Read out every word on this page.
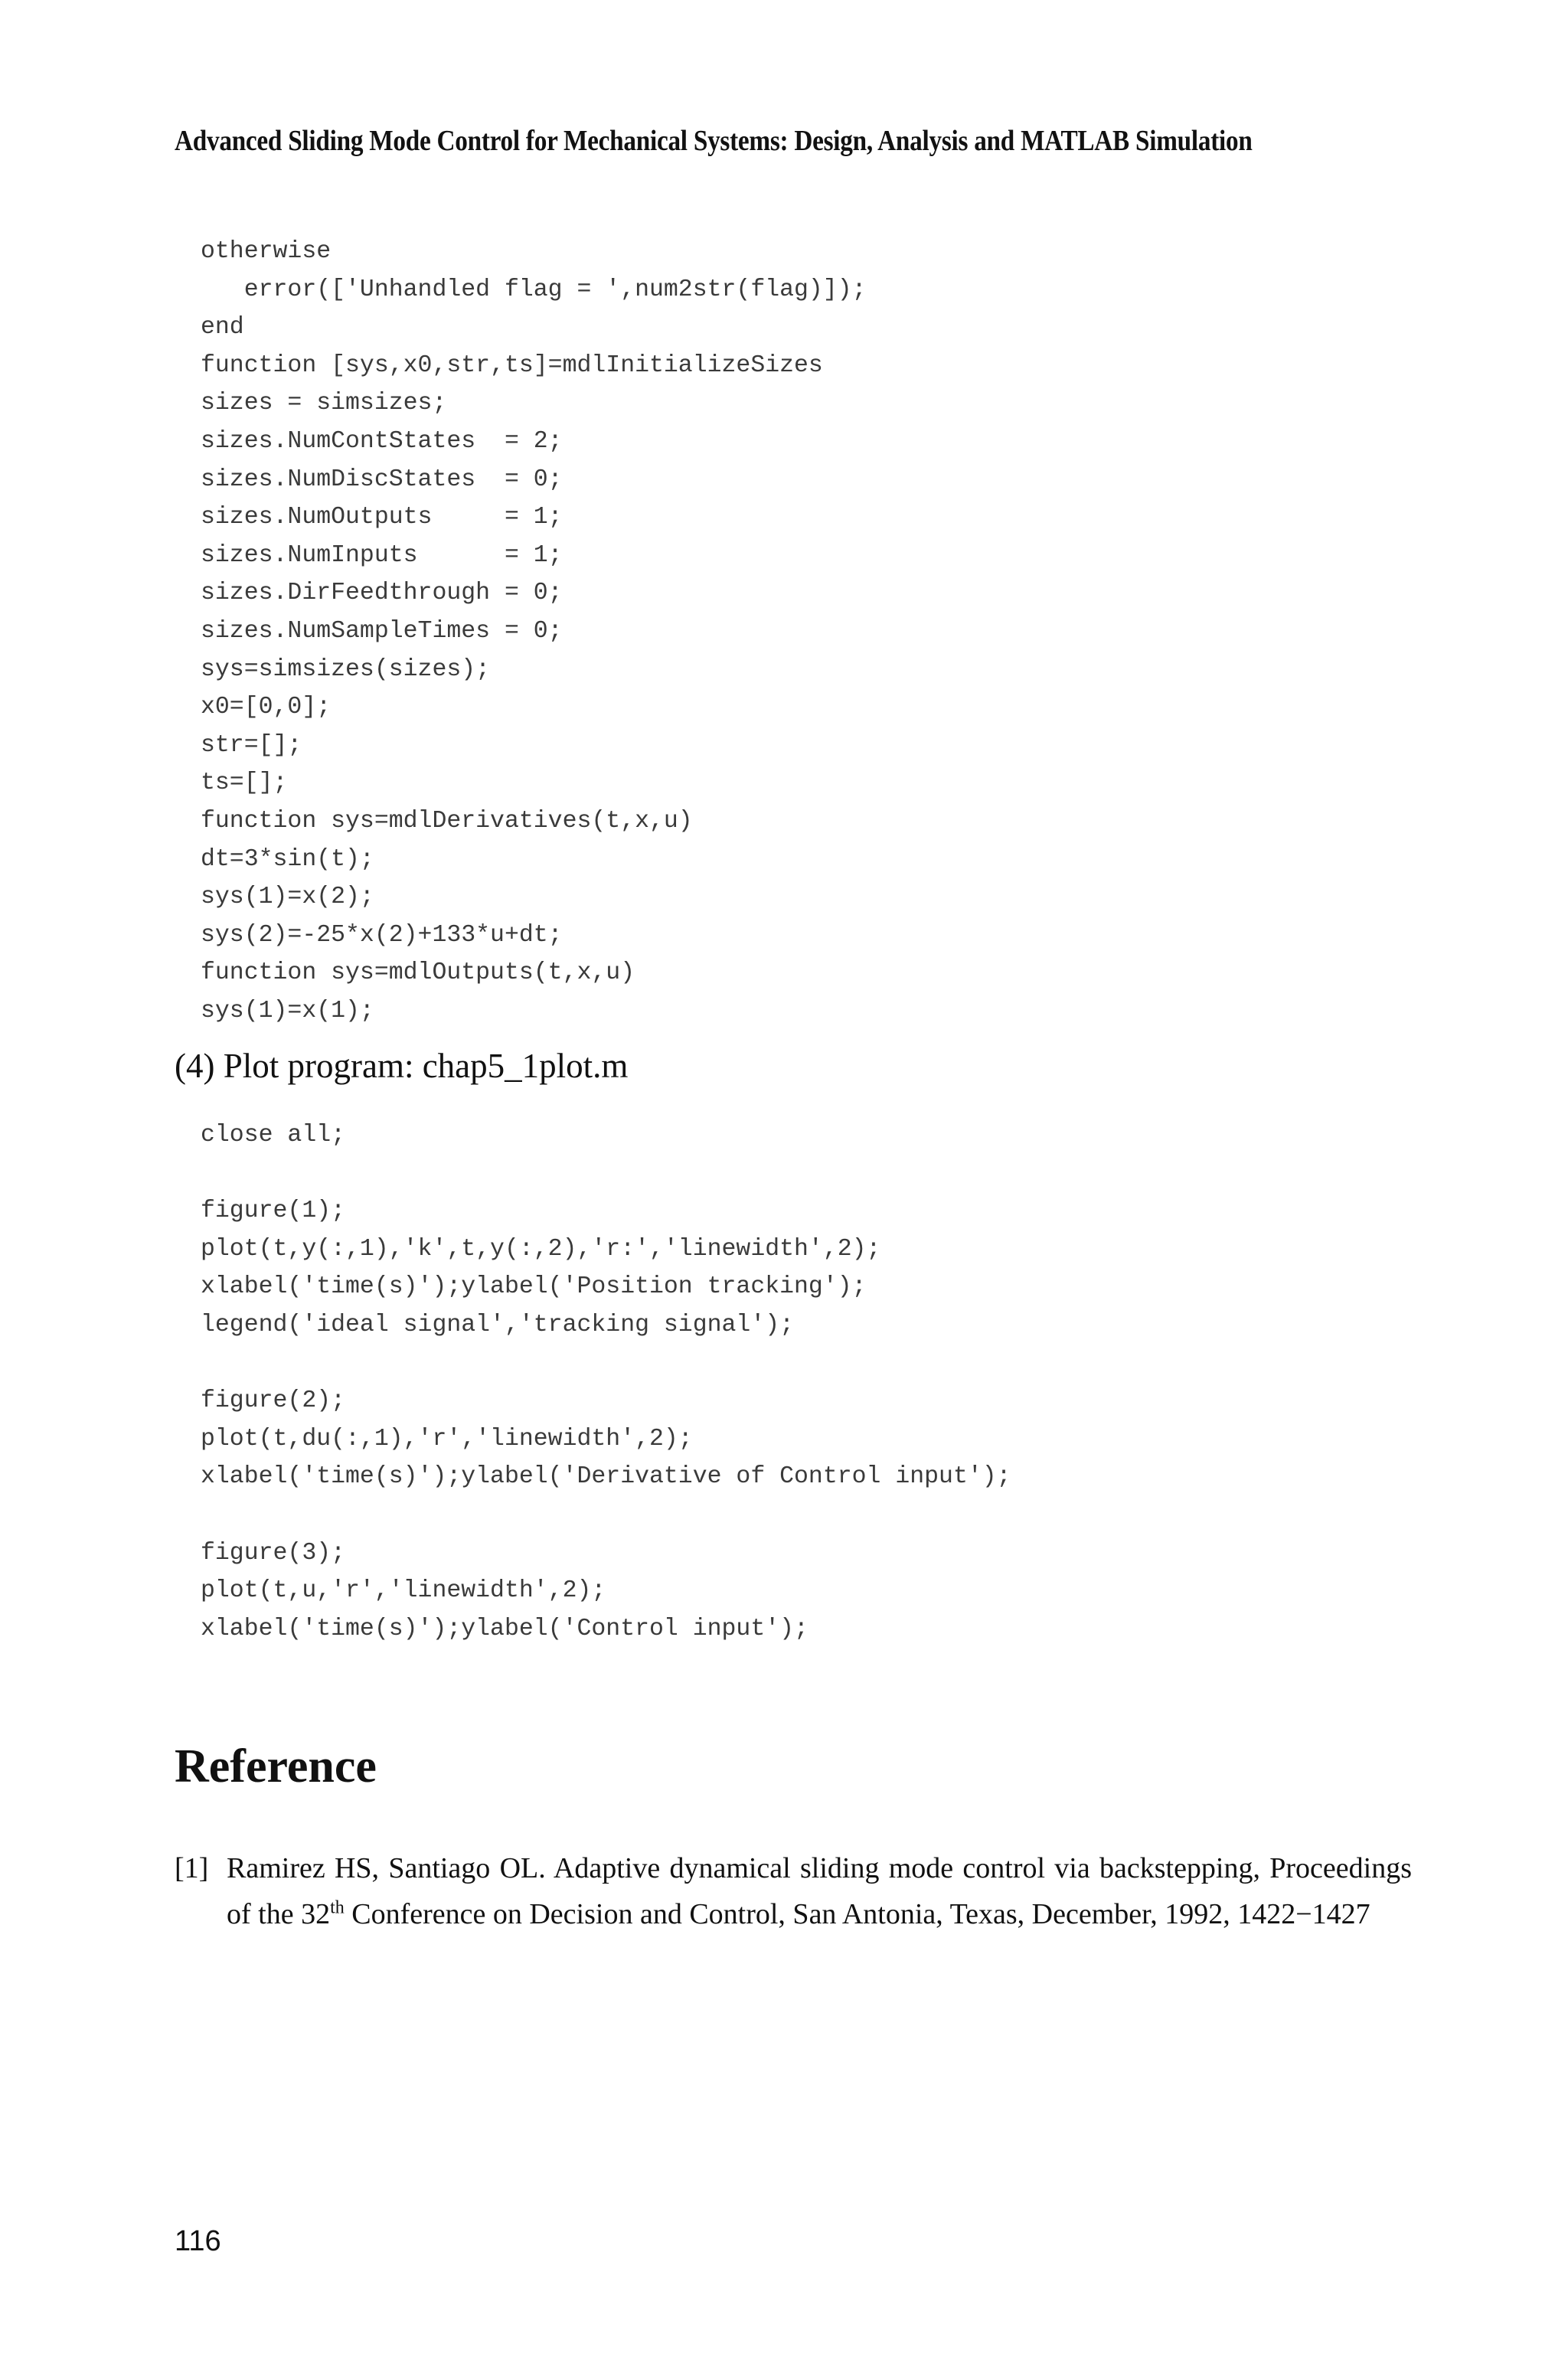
Advanced Sliding Mode Control for Mechanical Systems: Design, Analysis and MATLAB Simulation
otherwise
error(['Unhandled flag = ',num2str(flag)]);
end
function [sys,x0,str,ts]=mdlInitializeSizes
sizes = simsizes;
sizes.NumContStates  = 2;
sizes.NumDiscStates  = 0;
sizes.NumOutputs     = 1;
sizes.NumInputs      = 1;
sizes.DirFeedthrough = 0;
sizes.NumSampleTimes = 0;
sys=simsizes(sizes);
x0=[0,0];
str=[];
ts=[];
function sys=mdlDerivatives(t,x,u)
dt=3*sin(t);
sys(1)=x(2);
sys(2)=-25*x(2)+133*u+dt;
function sys=mdlOutputs(t,x,u)
sys(1)=x(1);
(4) Plot program: chap5_1plot.m
close all;
figure(1);
plot(t,y(:,1),'k',t,y(:,2),'r:','linewidth',2);
xlabel('time(s)');ylabel('Position tracking');
legend('ideal signal','tracking signal');
figure(2);
plot(t,du(:,1),'r','linewidth',2);
xlabel('time(s)');ylabel('Derivative of Control input');
figure(3);
plot(t,u,'r','linewidth',2);
xlabel('time(s)');ylabel('Control input');
Reference
[1] Ramirez HS, Santiago OL. Adaptive dynamical sliding mode control via backstepping, Proceedings of the 32th Conference on Decision and Control, San Antonia, Texas, December, 1992, 1422−1427
116
